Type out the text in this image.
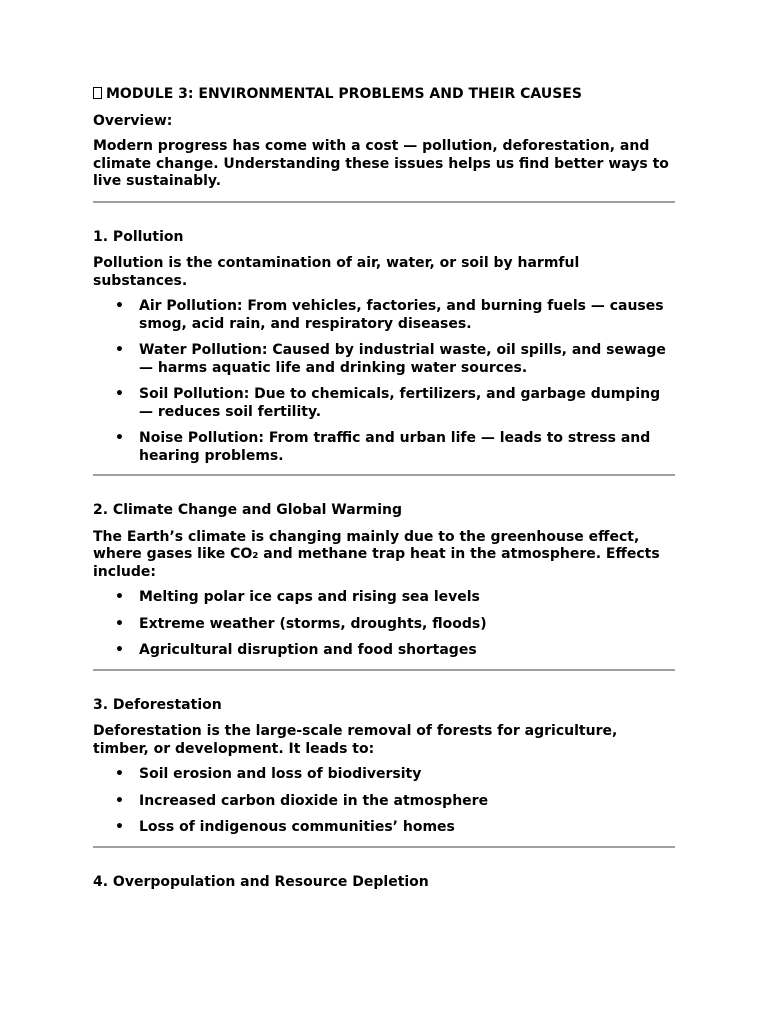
MODULE 3: ENVIRONMENTAL PROBLEMS AND THEIR CAUSES

Overview:

Modern progress has come with a cost — pollution, deforestation, and climate change. Understanding these issues helps us find better ways to live sustainably.

1. Pollution

Pollution is the contamination of air, water, or soil by harmful substances.

• Air Pollution: From vehicles, factories, and burning fuels — causes smog, acid rain, and respiratory diseases.
• Water Pollution: Caused by industrial waste, oil spills, and sewage — harms aquatic life and drinking water sources.
• Soil Pollution: Due to chemicals, fertilizers, and garbage dumping — reduces soil fertility.
• Noise Pollution: From traffic and urban life — leads to stress and hearing problems.
2. Climate Change and Global Warming

The Earth’s climate is changing mainly due to the greenhouse effect, where gases like CO₂ and methane trap heat in the atmosphere. Effects include:

• Melting polar ice caps and rising sea levels
• Extreme weather (storms, droughts, floods)
• Agricultural disruption and food shortages
3. Deforestation

Deforestation is the large-scale removal of forests for agriculture, timber, or development. It leads to:

• Soil erosion and loss of biodiversity
• Increased carbon dioxide in the atmosphere
• Loss of indigenous communities’ homes
4. Overpopulation and Resource Depletion
